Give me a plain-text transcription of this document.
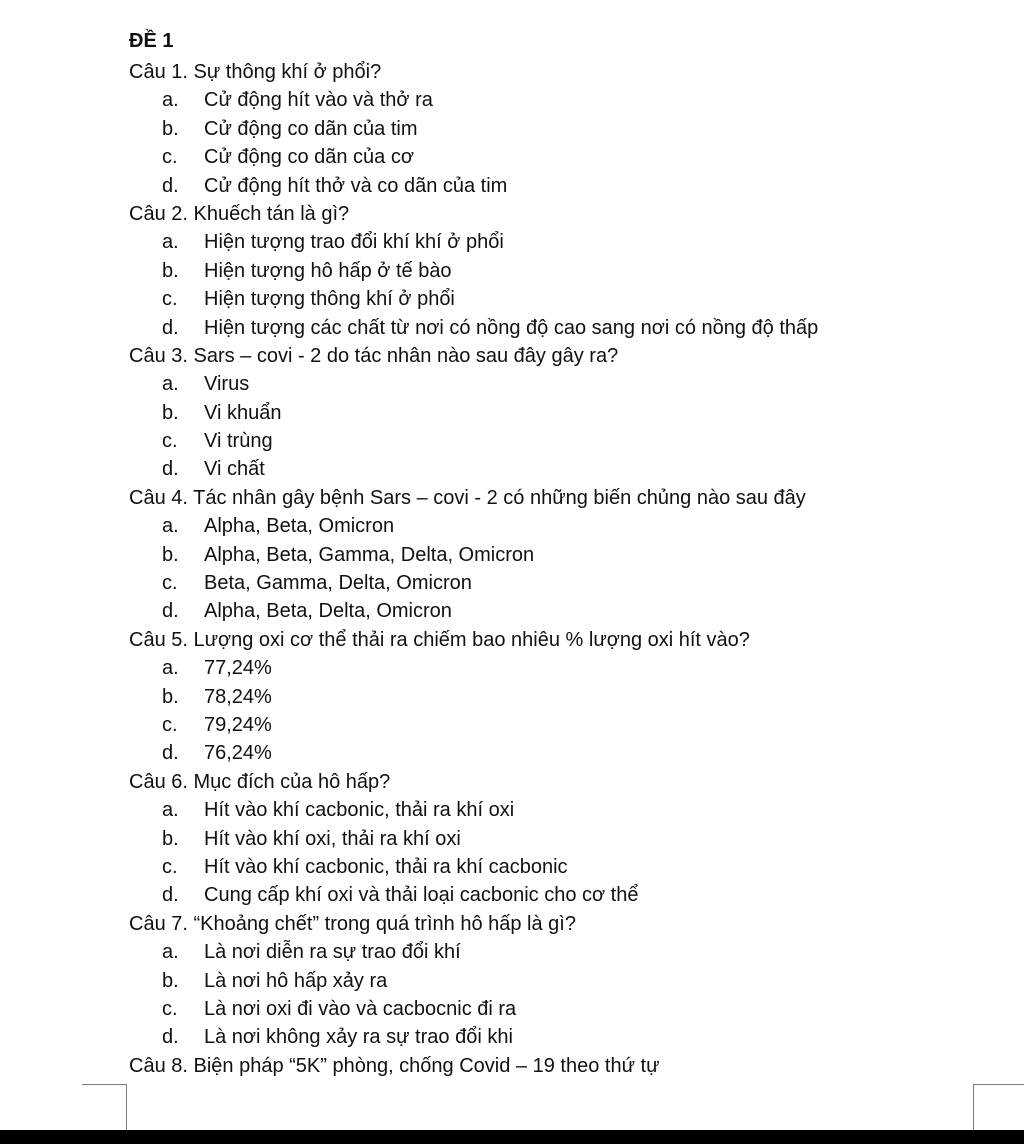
ĐỀ 1
Câu 1. Sự thông khí ở phổi?
a.	Cử động hít vào và thở ra
b.	Cử động co dãn của tim
c.	Cử động co dãn của cơ
d.	Cử động hít thở và co dãn của tim
Câu 2. Khuếch tán là gì?
a.	Hiện tượng trao đổi khí khí ở phổi
b.	Hiện tượng hô hấp ở tế bào
c.	Hiện tượng thông khí ở phổi
d.	Hiện tượng các chất từ nơi có nồng độ cao sang nơi có nồng độ thấp
Câu 3. Sars – covi - 2 do tác nhân nào sau đây gây ra?
a.	Virus
b.	Vi khuẩn
c.	Vi trùng
d.	Vi chất
Câu 4. Tác nhân gây bệnh Sars – covi - 2 có những biến chủng nào sau đây
a.	Alpha, Beta, Omicron
b.	Alpha, Beta, Gamma, Delta, Omicron
c.	Beta, Gamma, Delta, Omicron
d.	Alpha, Beta, Delta, Omicron
Câu 5. Lượng oxi cơ thể thải ra chiếm bao nhiêu % lượng oxi hít vào?
a.	77,24%
b.	78,24%
c.	79,24%
d.	76,24%
Câu 6. Mục đích của hô hấp?
a.	Hít vào khí cacbonic, thải ra khí oxi
b.	Hít vào khí oxi, thải ra khí oxi
c.	Hít vào khí cacbonic, thải ra khí cacbonic
d.	Cung cấp khí oxi và thải loại cacbonic cho cơ thể
Câu 7. “Khoảng chết” trong quá trình hô hấp là gì?
a.	Là nơi diễn ra sự trao đổi khí
b.	Là nơi hô hấp xảy ra
c.	Là nơi oxi đi vào và cacbocnic đi ra
d.	Là nơi không xảy ra sự trao đổi khi
Câu 8. Biện pháp “5K” phòng, chống Covid – 19 theo thứ tự
